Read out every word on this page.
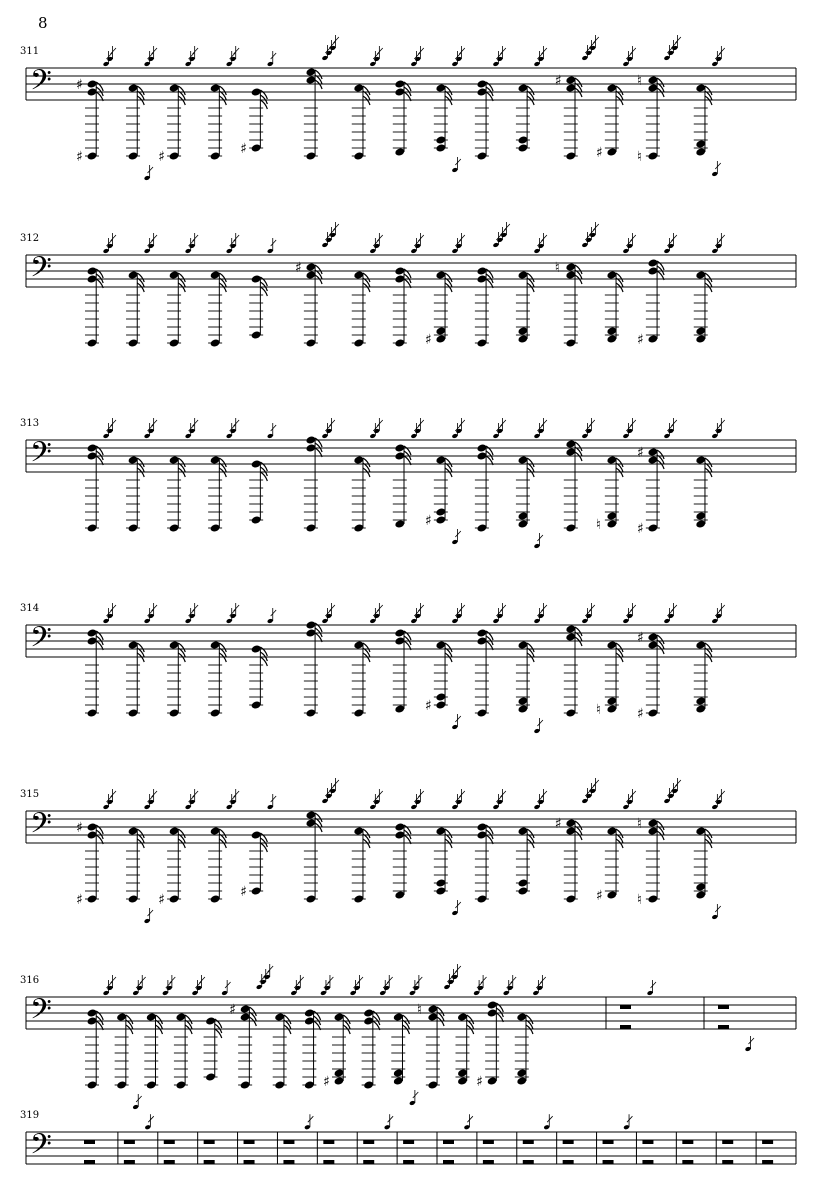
8
311
𝄢 ♯
♯	♯	♯
♯
♯
♮
♮
312
𝄢	♯
♯
♮
♯
313
𝄢
♯	♮
♯
♯
314
𝄢
♯	♮
♯
♯
315
𝄢 ♯
♯	♯	♯
♯
♯
♮
♮
316
𝄢	♯
♯
♮
♯
319
𝄢
